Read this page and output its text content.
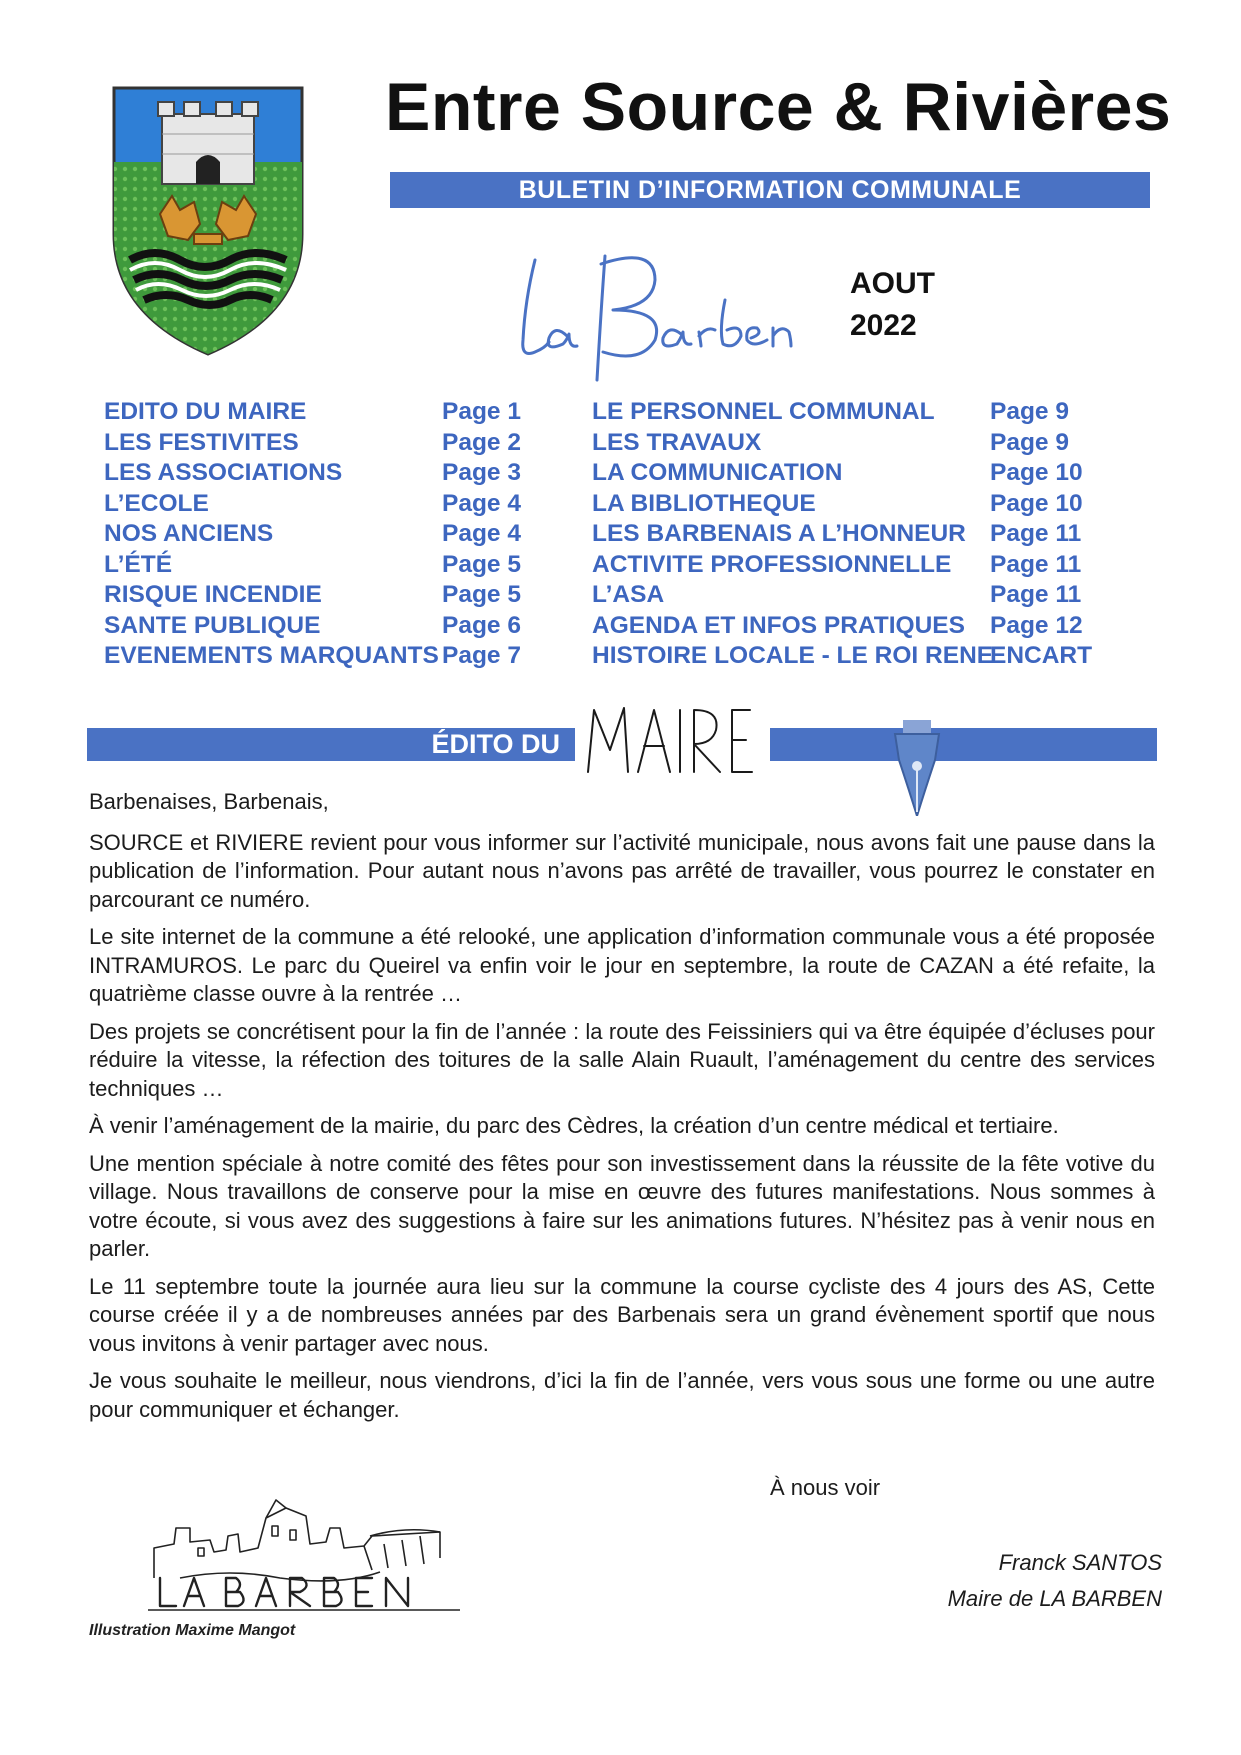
Entre Source & Rivières
BULETIN D’INFORMATION COMMUNALE
AOUT
2022
EDITO DU MAIRE
LES FESTIVITES
LES ASSOCIATIONS
L’ECOLE
NOS ANCIENS
L’ÉTÉ
RISQUE INCENDIE
SANTE PUBLIQUE
EVENEMENTS MARQUANTS
Page 1
Page 2
Page 3
Page 4
Page 4
Page 5
Page 5
Page 6
Page 7
LE PERSONNEL COMMUNAL
LES TRAVAUX
LA COMMUNICATION
LA BIBLIOTHEQUE
LES BARBENAIS A L’HONNEUR
ACTIVITE PROFESSIONNELLE
L’ASA
AGENDA ET INFOS PRATIQUES
HISTOIRE LOCALE - LE ROI RENE
Page 9
Page 9
Page 10
Page 10
Page 11
Page 11
Page 11
Page 12
ENCART
ÉDITO DU

Barbenaises, Barbenais,

SOURCE et RIVIERE revient pour vous informer sur l’activité municipale, nous avons fait une pause dans la publication de l’information. Pour autant nous n’avons pas arrêté de travailler, vous pourrez le constater en parcourant ce numéro.

Le site internet de la commune a été relooké, une application d’information communale vous a été proposée INTRAMUROS. Le parc du Queirel va enfin voir le jour en septembre, la route de CAZAN a été refaite, la quatrième classe ouvre à la rentrée …

Des projets se concrétisent pour la fin de l’année : la route des Feissiniers qui va être équipée d’écluses pour réduire la vitesse, la réfection des toitures de la salle Alain Ruault, l’aménagement du centre des services techniques …

À venir l’aménagement de la mairie, du parc des Cèdres, la création d’un centre médical et tertiaire.

Une mention spéciale à notre comité des fêtes pour son investissement dans la réussite de la fête votive du village. Nous travaillons de conserve pour la mise en œuvre des futures manifestations. Nous sommes à votre écoute, si vous avez des suggestions à faire sur les animations futures. N’hésitez pas à venir nous en parler.

Le 11 septembre toute la journée aura lieu sur la commune la course cycliste des 4 jours des AS, Cette course créée il y a de nombreuses années par des Barbenais sera un grand évènement sportif que nous vous invitons à venir partager avec nous.

Je vous souhaite le meilleur, nous viendrons, d’ici la fin de l’année, vers vous sous une forme ou une autre pour communiquer et échanger.

À nous voir
Franck SANTOS
Maire de LA BARBEN
Illustration Maxime Mangot
